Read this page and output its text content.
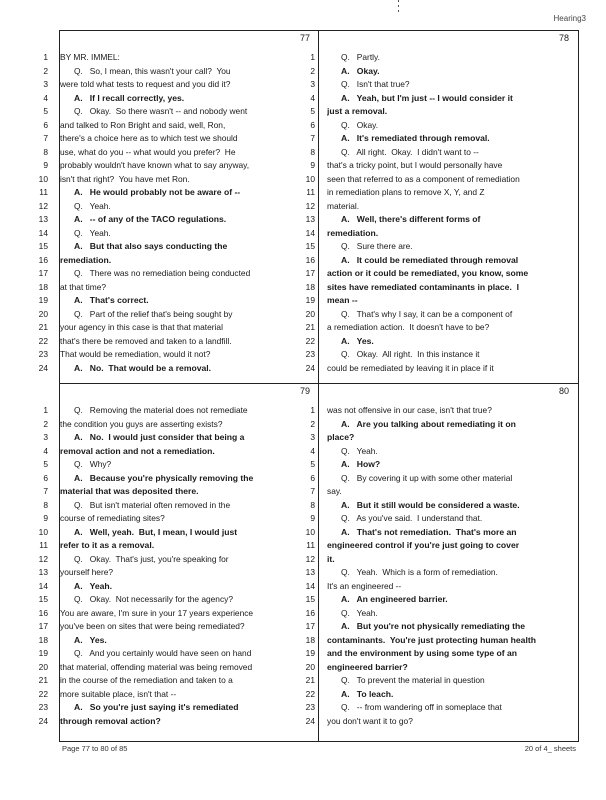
Hearing3
77
1 BY MR. IMMEL:
2 Q.   So, I mean, this wasn't your call?  You
3 were told what tests to request and you did it?
4 A.   If I recall correctly, yes.
5 Q.   Okay.  So there wasn't -- and nobody went
6 and talked to Ron Bright and said, well, Ron,
7 there's a choice here as to which test we should
8 use, what do you -- what would you prefer?  He
9 probably wouldn't have known what to say anyway,
10 isn't that right?  You have met Ron.
11 A.   He would probably not be aware of --
12 Q.   Yeah.
13 A.   -- of any of the TACO regulations.
14 Q.   Yeah.
15 A.   But that also says conducting the
16 remediation.
17 Q.   There was no remediation being conducted
18 at that time?
19 A.   That's correct.
20 Q.   Part of the relief that's being sought by
21 your agency in this case is that that material
22 that's there be removed and taken to a landfill.
23 That would be remediation, would it not?
24 A.   No.  That would be a removal.
78
1 Q.   Partly.
2 A.   Okay.
3 Q.   Isn't that true?
4 A.   Yeah, but I'm just -- I would consider it
5 just a removal.
6 Q.   Okay.
7 A.   It's remediated through removal.
8 Q.   All right.  Okay.  I didn't want to --
9 that's a tricky point, but I would personally have
10 seen that referred to as a component of remediation
11 in remediation plans to remove X, Y, and Z
12 material.
13 A.   Well, there's different forms of
14 remediation.
15 Q.   Sure there are.
16 A.   It could be remediated through removal
17 action or it could be remediated, you know, some
18 sites have remediated contaminants in place.  I
19 mean --
20 Q.   That's why I say, it can be a component of
21 a remediation action.  It doesn't have to be?
22 A.   Yes.
23 Q.   Okay.  All right.  In this instance it
24 could be remediated by leaving it in place if it
79
1 Q.   Removing the material does not remediate
2 the condition you guys are asserting exists?
3 A.   No.  I would just consider that being a
4 removal action and not a remediation.
5 Q.   Why?
6 A.   Because you're physically removing the
7 material that was deposited there.
8 Q.   But isn't material often removed in the
9 course of remediating sites?
10 A.   Well, yeah.  But, I mean, I would just
11 refer to it as a removal.
12 Q.   Okay.  That's just, you're speaking for
13 yourself here?
14 A.   Yeah.
15 Q.   Okay.  Not necessarily for the agency?
16 You are aware, I'm sure in your 17 years experience
17 you've been on sites that were being remediated?
18 A.   Yes.
19 Q.   And you certainly would have seen on hand
20 that material, offending material was being removed
21 in the course of the remediation and taken to a
22 more suitable place, isn't that --
23 A.   So you're just saying it's remediated
24 through removal action?
80
1 was not offensive in our case, isn't that true?
2 A.   Are you talking about remediating it on
3 place?
4 Q.   Yeah.
5 A.   How?
6 Q.   By covering it up with some other material
7 say.
8 A.   But it still would be considered a waste.
9 Q.   As you've said.  I understand that.
10 A.   That's not remediation.  That's more an
11 engineered control if you're just going to cover
12 it.
13 Q.   Yeah.  Which is a form of remediation.
14 It's an engineered --
15 A.   An engineered barrier.
16 Q.   Yeah.
17 A.   But you're not physically remediating the
18 contaminants.  You're just protecting human health
19 and the environment by using some type of an
20 engineered barrier?
21 Q.   To prevent the material in question
22 A.   To leach.
23 Q.   -- from wandering off in someplace that
24 you don't want it to go?
Page 77 to 80 of 85	20 of 4_ sheets
